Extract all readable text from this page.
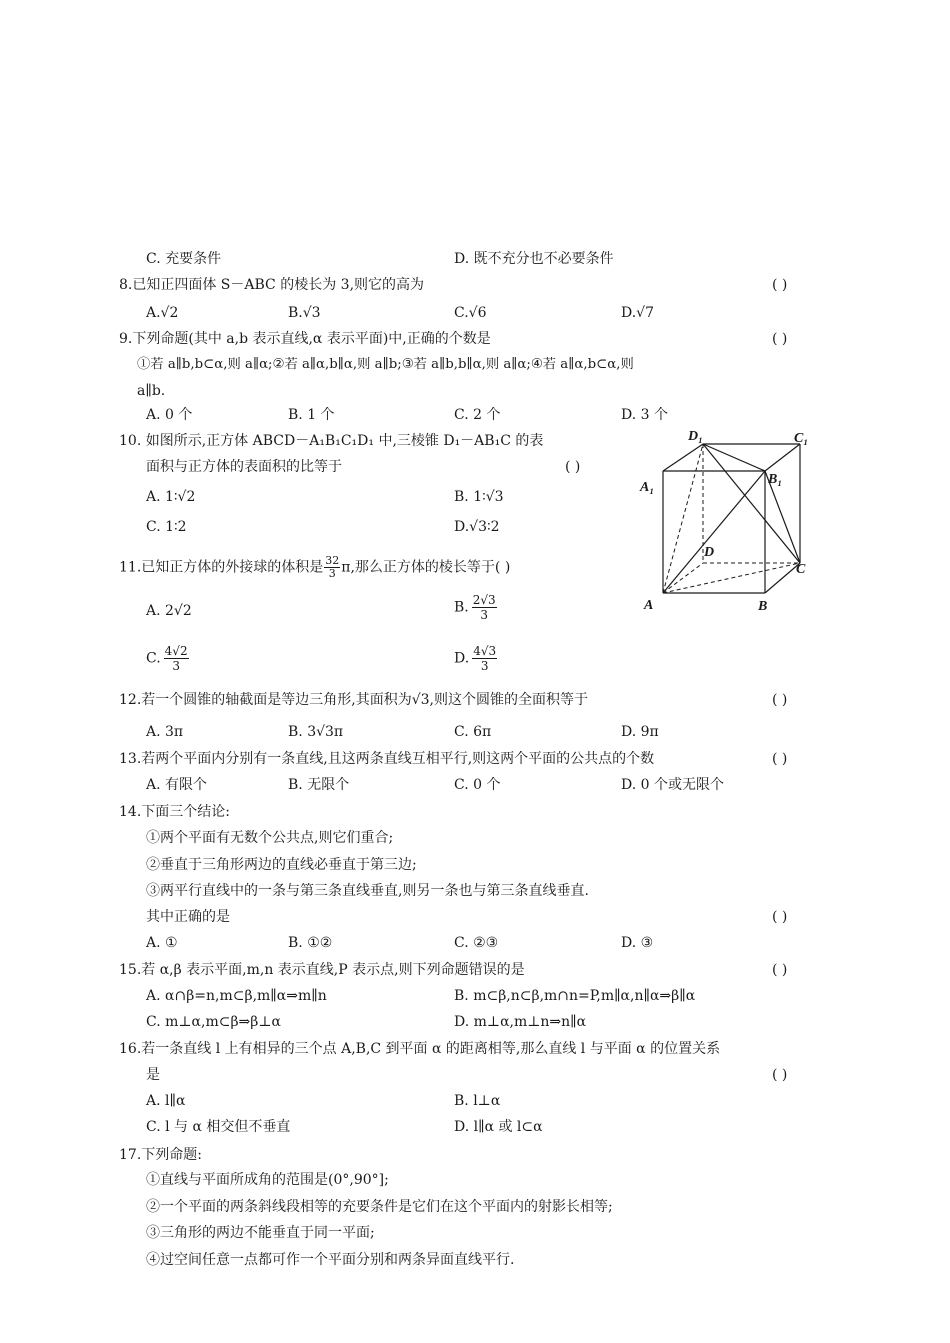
C. 充要条件	D. 既不充分也不必要条件
8.已知正四面体 S－ABC 的棱长为 3,则它的高为	( )
A.√2	B.√3	C.√6	D.√7
9.下列命题(其中 a,b 表示直线,α 表示平面)中,正确的个数是	( )
①若 a∥b,b⊂α,则 a∥α;②若 a∥α,b∥α,则 a∥b;③若 a∥b,b∥α,则 a∥α;④若 a∥α,b⊂α,则
a∥b.
A. 0 个	B. 1 个	C. 2 个	D. 3 个
10. 如图所示,正方体 ABCD－A₁B₁C₁D₁ 中,三棱锥 D₁－AB₁C 的表
面积与正方体的表面积的比等于	( )
A. 1∶√2	B. 1∶√3
C. 1∶2	D.√3∶2
D₁	C₁
A₁
B₁
D
C
A	B
11.已知正方体的外接球的体积是 $\frac{32}{3} \pi$,那么正方体的棱长等于( )
A. 2√2	B. $\frac{2√3}{3}$
C. $\frac{4√2}{3}$	D. $\frac{4√3}{3}$
12.若一个圆锥的轴截面是等边三角形,其面积为√3,则这个圆锥的全面积等于	( )
A. 3π	B. 3√3π	C. 6π	D. 9π
13.若两个平面内分别有一条直线,且这两条直线互相平行,则这两个平面的公共点的个数	( )
A. 有限个	B. 无限个	C. 0 个	D. 0 个或无限个
14.下面三个结论:
①两个平面有无数个公共点,则它们重合;
②垂直于三角形两边的直线必垂直于第三边;
③两平行直线中的一条与第三条直线垂直,则另一条也与第三条直线垂直.
其中正确的是	( )
A. ①	B. ①②	C. ②③	D. ③
15.若 α,β 表示平面,m,n 表示直线,P 表示点,则下列命题错误的是	( )
A. α∩β=n,m⊂β,m∥α⇒m∥n	B. m⊂β,n⊂β,m∩n=P,m∥α,n∥α⇒β∥α
C. m⊥α,m⊂β⇒β⊥α	D. m⊥α,m⊥n⇒n∥α
16.若一条直线 l 上有相异的三个点 A,B,C 到平面 α 的距离相等,那么直线 l 与平面 α 的位置关系
是	( )
A. l∥α	B. l⊥α
C. l 与 α 相交但不垂直	D. l∥α 或 l⊂α
17.下列命题:
①直线与平面所成角的范围是(0°,90°];
②一个平面的两条斜线段相等的充要条件是它们在这个平面内的射影长相等;
③三角形的两边不能垂直于同一平面;
④过空间任意一点都可作一个平面分别和两条异面直线平行.
